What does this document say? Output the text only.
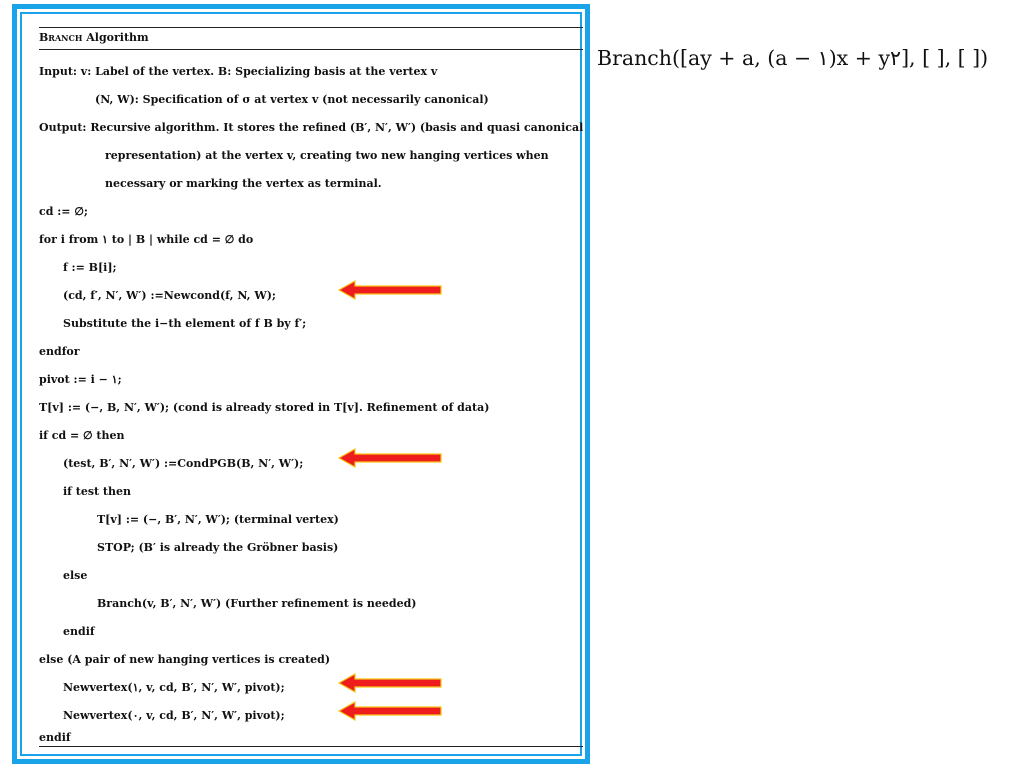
Branch Algorithm
Input: v: Label of the vertex. B: Specializing basis at the vertex v
(N, W): Specification of σ at vertex v (not necessarily canonical)
Output: Recursive algorithm. It stores the refined (B′, N′, W′) (basis and quasi canonical
representation) at the vertex v, creating two new hanging vertices when
necessary or marking the vertex as terminal.
cd := ∅;
for i from ١ to | B | while cd = ∅ do
f := B[i];
(cd, f′, N′, W′) :=Newcond(f, N, W);
Substitute the i−th element of f B by f′;
endfor
pivot := i − ١;
T[v] := (−, B, N′, W′); (cond is already stored in T[v]. Refinement of data)
if cd = ∅ then
(test, B′, N′, W′) :=CondPGB(B, N′, W′);
if test then
T[v] := (−, B′, N′, W′); (terminal vertex)
STOP; (B′ is already the Gröbner basis)
else
Branch(v, B′, N′, W′) (Further refinement is needed)
endif
else (A pair of new hanging vertices is created)
Newvertex(١, v, cd, B′, N′, W′, pivot);
Newvertex(٠, v, cd, B′, N′, W′, pivot);
endif
Branch([ay + a, (a − ١)x + y٢], [ ], [ ])
